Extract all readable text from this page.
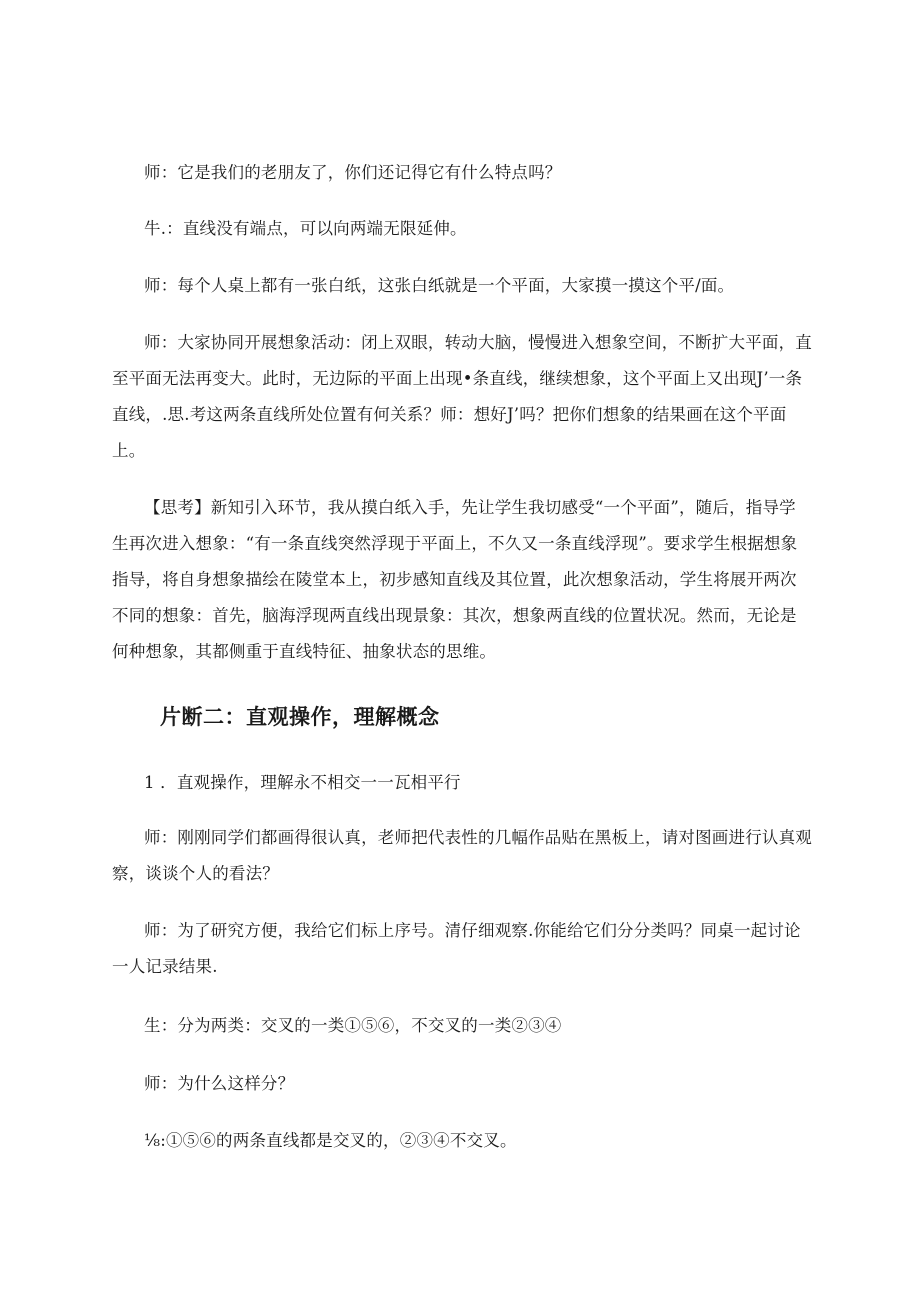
师：它是我们的老朋友了，你们还记得它有什么特点吗？

牛.：直线没有端点，可以向两端无限延伸。

师：每个人桌上都有一张白纸，这张白纸就是一个平面，大家摸一摸这个平/面。

师：大家协同开展想象活动：闭上双眼，转动大脑，慢慢进入想象空间，不断扩大平面，直至平面无法再变大。此时，无边际的平面上出现•条直线，继续想象，这个平面上又出现J’一条直线，.思.考这两条直线所处位置有何关系？师：想好J’吗？把你们想象的结果画在这个平面上。

【思考】新知引入环节，我从摸白纸入手，先让学生我切感受“一个平面”，随后，指导学生再次进入想象：“有一条直线突然浮现于平面上，不久又一条直线浮现”。要求学生根据想象指导，将自身想象描绘在陵堂本上，初步感知直线及其位置，此次想象活动，学生将展开两次不同的想象：首先，脑海浮现两直线出现景象：其次，想象两直线的位置状况。然而，无论是何种想象，其都侧重于直线特征、抽象状态的思维。

片断二：直观操作，理解概念

1 ．直观操作，理解永不相交一一瓦相平行

师：刚刚同学们都画得很认真，老师把代表性的几幅作品贴在黑板上，请对图画进行认真观察，谈谈个人的看法？

师：为了研究方便，我给它们标上序号。清仔细观察.你能给它们分分类吗？同桌一起讨论一人记录结果.

生：分为两类：交叉的一类①⑤⑥，不交叉的一类②③④

师：为什么这样分？

⅛:①⑤⑥的两条直线都是交叉的，②③④不交叉。
